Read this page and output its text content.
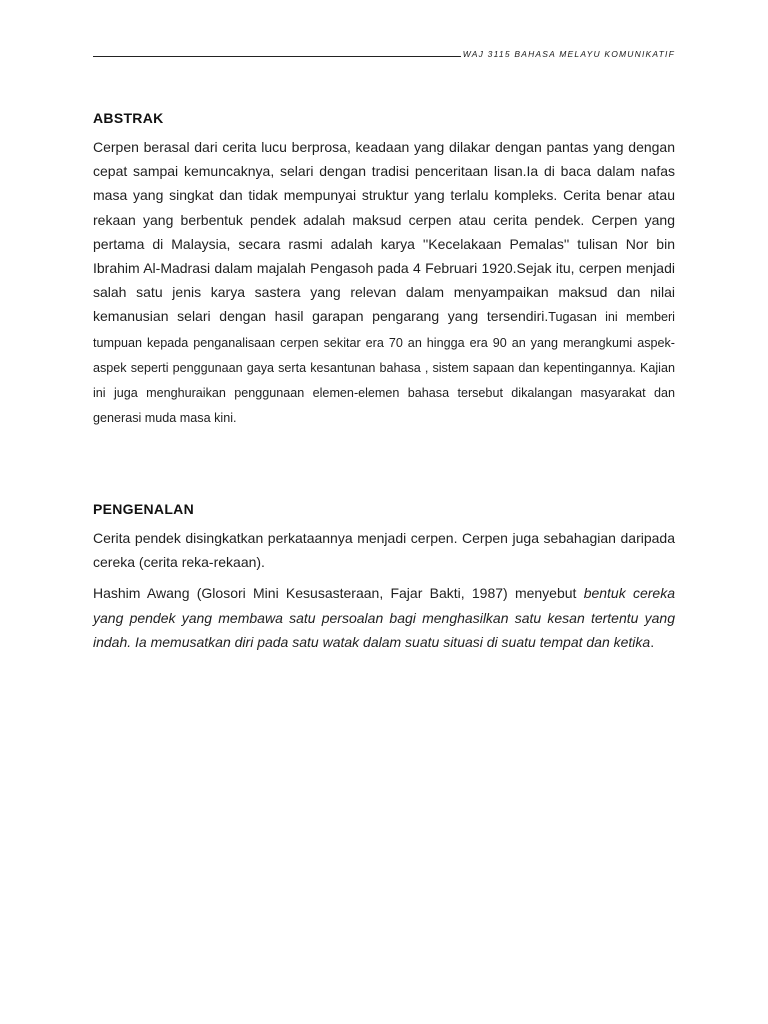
WAJ 3115 BAHASA MELAYU KOMUNIKATIF
ABSTRAK

Cerpen berasal dari cerita lucu berprosa, keadaan yang dilakar dengan pantas yang dengan cepat sampai kemuncaknya, selari dengan tradisi penceritaan lisan.Ia di baca dalam nafas masa yang singkat dan tidak mempunyai struktur yang terlalu kompleks. Cerita benar atau rekaan yang berbentuk pendek adalah maksud cerpen atau cerita pendek. Cerpen yang pertama di Malaysia, secara rasmi adalah karya ''Kecelakaan Pemalas'' tulisan Nor bin Ibrahim Al-Madrasi dalam majalah Pengasoh pada 4 Februari 1920.Sejak itu, cerpen menjadi salah satu jenis karya sastera yang relevan dalam menyampaikan maksud dan nilai kemanusian selari dengan hasil garapan pengarang yang tersendiri.Tugasan ini memberi tumpuan kepada penganalisaan cerpen sekitar era 70 an hingga era 90 an yang merangkumi aspek-aspek seperti penggunaan gaya serta kesantunan bahasa , sistem sapaan dan kepentingannya. Kajian ini juga menghuraikan penggunaan elemen-elemen bahasa tersebut dikalangan masyarakat dan generasi muda masa kini.

PENGENALAN

Cerita pendek disingkatkan perkataannya menjadi cerpen. Cerpen juga sebahagian daripada cereka (cerita reka-rekaan).

Hashim Awang (Glosori Mini Kesusasteraan, Fajar Bakti, 1987) menyebut bentuk cereka yang pendek yang membawa satu persoalan bagi menghasilkan satu kesan tertentu yang indah. Ia memusatkan diri pada satu watak dalam suatu situasi di suatu tempat dan ketika.
